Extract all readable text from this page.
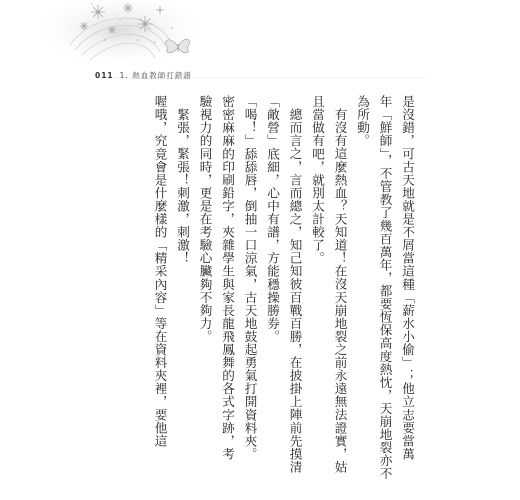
011 1. 熱血教師打錯譜
是沒錯，可古天地就是不屑當這種「薪水小偷」；他立志要當萬
年「鮮師」，不管教了幾百萬年，都要恆保高度熱忱，天崩地裂亦不
為所動。
有沒有這麼熱血？天知道！在沒天崩地裂之前永遠無法證實，姑
且當做有吧，就別太計較了。
總而言之，言而總之，知己知彼百戰百勝，在披掛上陣前先摸清
「敵營」底細，心中有譜，方能穩操勝券。
「喝！」舔舔唇，倒抽一口涼氣，古天地鼓起勇氣打開資料夾。
密密麻麻的印刷鉛字，夾雜學生與家長龍飛鳳舞的各式字跡，考
驗視力的同時，更是在考驗心臟夠不夠力。
緊張，緊張！刺激，刺激！
喔哦，究竟會是什麼樣的「精采內容」等在資料夾裡，要他這
